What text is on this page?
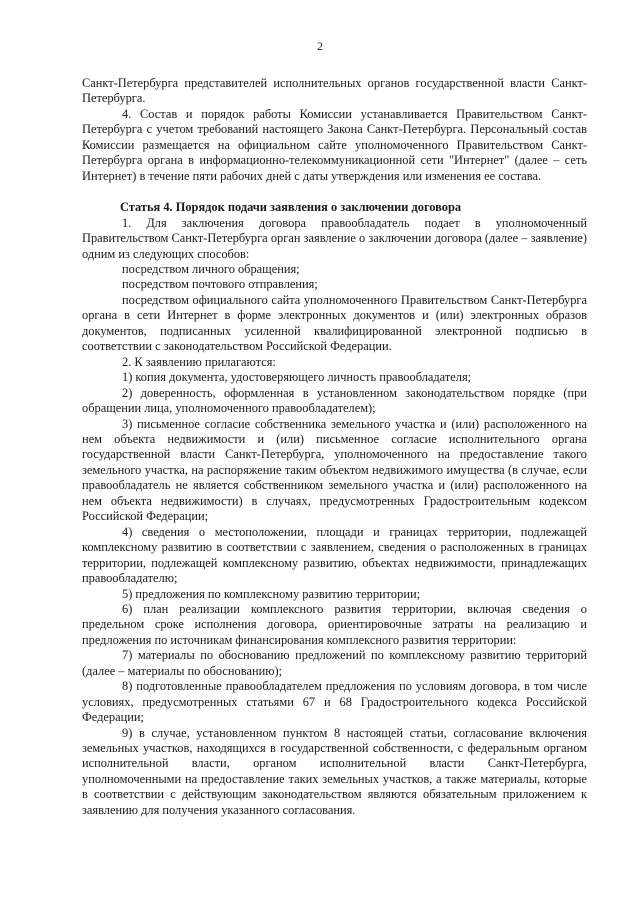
2

Санкт-Петербурга представителей исполнительных органов государственной власти Санкт-Петербурга.

4. Состав и порядок работы Комиссии устанавливается Правительством Санкт-Петербурга с учетом требований настоящего Закона Санкт-Петербурга. Персональный состав Комиссии размещается на официальном сайте уполномоченного Правительством Санкт-Петербурга органа в информационно-телекоммуникационной сети "Интернет" (далее – сеть Интернет) в течение пяти рабочих дней с даты утверждения или изменения ее состава.

Статья 4. Порядок подачи заявления о заключении договора

1. Для заключения договора правообладатель подает в уполномоченный Правительством Санкт-Петербурга орган заявление о заключении договора (далее – заявление) одним из следующих способов:

посредством личного обращения;

посредством почтового отправления;

посредством официального сайта уполномоченного Правительством Санкт-Петербурга органа в сети Интернет в форме электронных документов и (или) электронных образов документов, подписанных усиленной квалифицированной электронной подписью в соответствии с законодательством Российской Федерации.

2. К заявлению прилагаются:

1) копия документа, удостоверяющего личность правообладателя;

2) доверенность, оформленная в установленном законодательством порядке (при обращении лица, уполномоченного правообладателем);

3) письменное согласие собственника земельного участка и (или) расположенного на нем объекта недвижимости и (или) письменное согласие исполнительного органа государственной власти Санкт-Петербурга, уполномоченного на предоставление такого земельного участка, на распоряжение таким объектом недвижимого имущества (в случае, если правообладатель не является собственником земельного участка и (или) расположенного на нем объекта недвижимости) в случаях, предусмотренных Градостроительным кодексом Российской Федерации;

4) сведения о местоположении, площади и границах территории, подлежащей комплексному развитию в соответствии с заявлением, сведения о расположенных в границах территории, подлежащей комплексному развитию, объектах недвижимости, принадлежащих правообладателю;

5) предложения по комплексному развитию территории;

6) план реализации комплексного развития территории, включая сведения о предельном сроке исполнения договора, ориентировочные затраты на реализацию и предложения по источникам финансирования комплексного развития территории:

7) материалы по обоснованию предложений по комплексному развитию территорий (далее – материалы по обоснованию);

8) подготовленные правообладателем предложения по условиям договора, в том числе условиях, предусмотренных статьями 67 и 68 Градостроительного кодекса Российской Федерации;

9) в случае, установленном пунктом 8 настоящей статьи, согласование включения земельных участков, находящихся в государственной собственности, с федеральным органом исполнительной власти, органом исполнительной власти Санкт-Петербурга, уполномоченными на предоставление таких земельных участков, а также материалы, которые в соответствии с действующим законодательством являются обязательным приложением к заявлению для получения указанного согласования.
